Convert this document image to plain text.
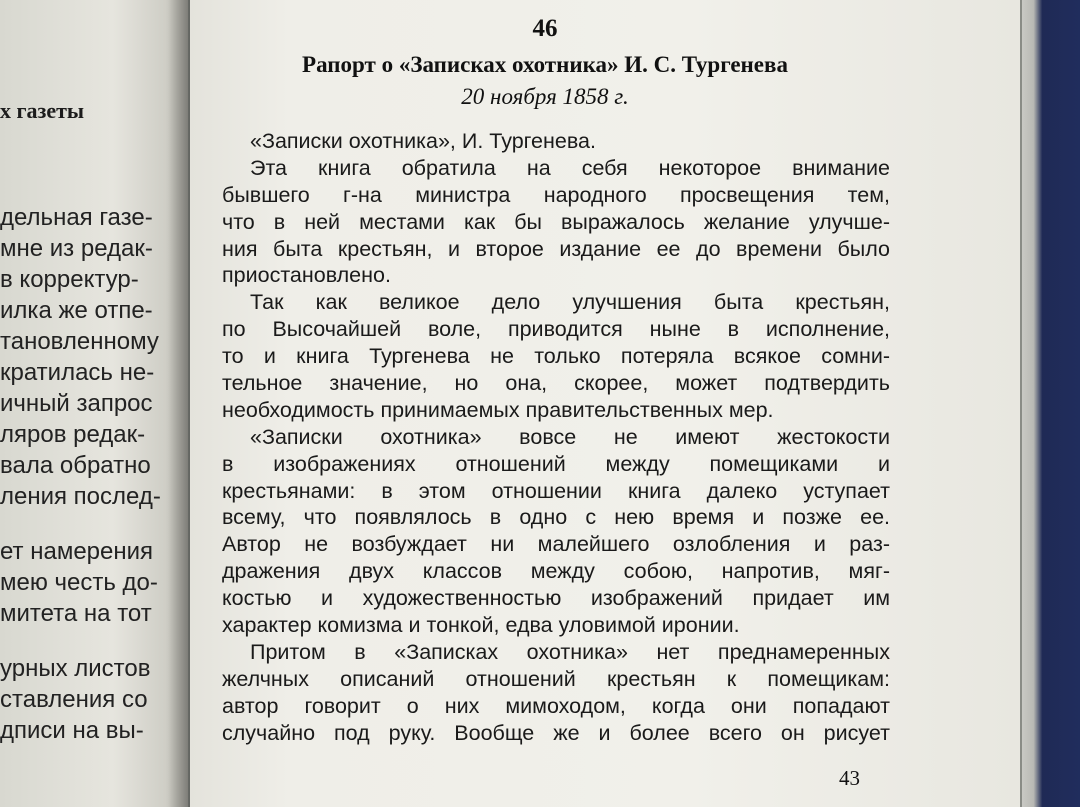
х газеты
дельная газе-
мне из редак-
в корректур-
илка же отпе-
тановленному
кратилась не-
ичный запрос
ляров редак-
вала обратно
ления послед-
ет намерения
мею честь до-
митета на тот
урных листов
ставления со
дписи на вы-
46
Рапорт о «Записках охотника» И. С. Тургенева
20 ноября 1858 г.
«Записки охотника», И. Тургенева.
Эта книга обратила на себя некоторое внимание
бывшего г-на министра народного просвещения тем,
что в ней местами как бы выражалось желание улучше-
ния быта крестьян, и второе издание ее до времени было
приостановлено.
Так как великое дело улучшения быта крестьян,
по Высочайшей воле, приводится ныне в исполнение,
то и книга Тургенева не только потеряла всякое сомни-
тельное значение, но она, скорее, может подтвердить
необходимость принимаемых правительственных мер.
«Записки охотника» вовсе не имеют жестокости
в изображениях отношений между помещиками и
крестьянами: в этом отношении книга далеко уступает
всему, что появлялось в одно с нею время и позже ее.
Автор не возбуждает ни малейшего озлобления и раз-
дражения двух классов между собою, напротив, мяг-
костью и художественностью изображений придает им
характер комизма и тонкой, едва уловимой иронии.
Притом в «Записках охотника» нет преднамеренных
желчных описаний отношений крестьян к помещикам:
автор говорит о них мимоходом, когда они попадают
случайно под руку. Вообще же и более всего он рисует
43
